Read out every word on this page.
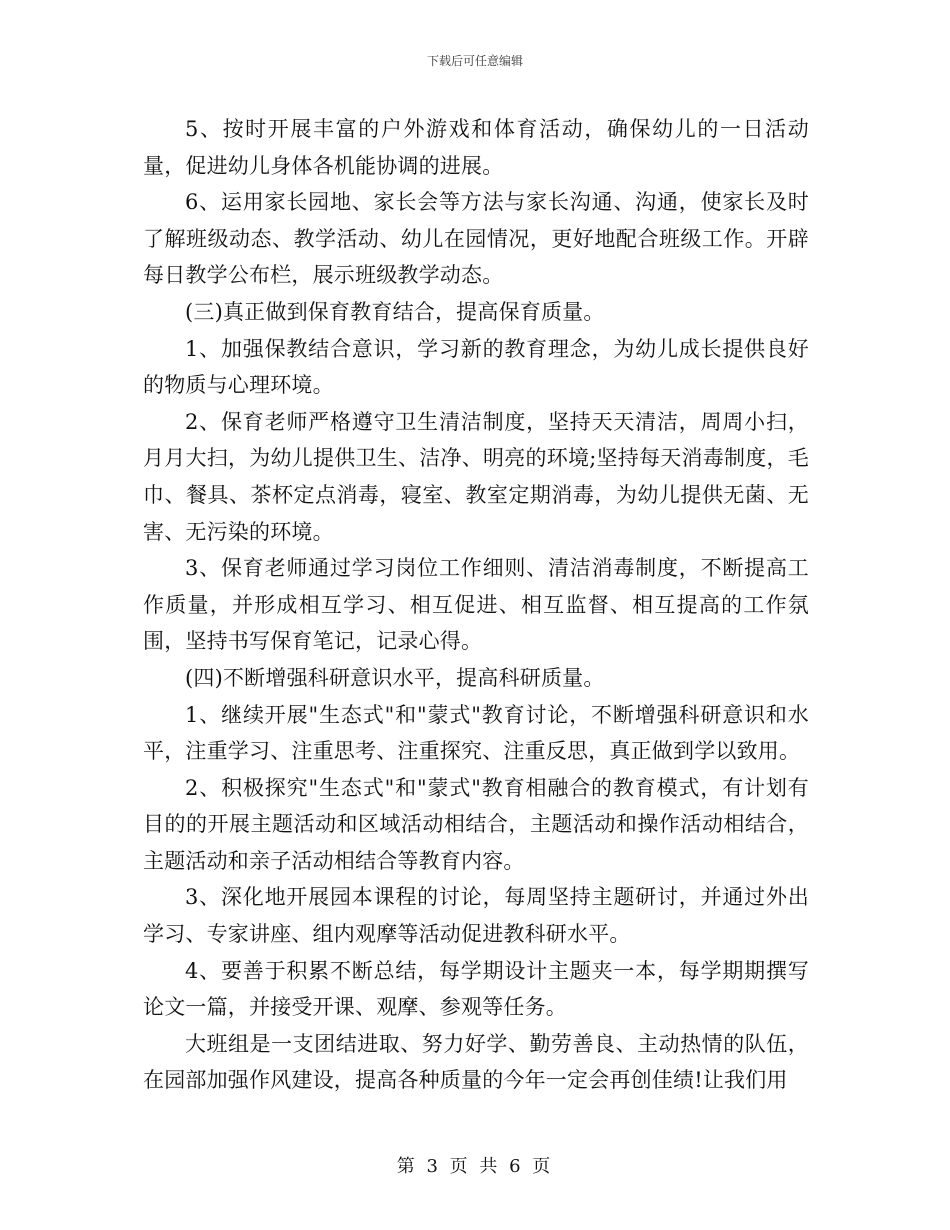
下载后可任意编辑

5、按时开展丰富的户外游戏和体育活动，确保幼儿的一日活动量，促进幼儿身体各机能协调的进展。

6、运用家长园地、家长会等方法与家长沟通、沟通，使家长及时了解班级动态、教学活动、幼儿在园情况，更好地配合班级工作。开辟每日教学公布栏，展示班级教学动态。

(三)真正做到保育教育结合，提高保育质量。

1、加强保教结合意识，学习新的教育理念，为幼儿成长提供良好的物质与心理环境。

2、保育老师严格遵守卫生清洁制度，坚持天天清洁，周周小扫，月月大扫，为幼儿提供卫生、洁净、明亮的环境;坚持每天消毒制度，毛巾、餐具、茶杯定点消毒，寝室、教室定期消毒，为幼儿提供无菌、无害、无污染的环境。

3、保育老师通过学习岗位工作细则、清洁消毒制度，不断提高工作质量，并形成相互学习、相互促进、相互监督、相互提高的工作氛围，坚持书写保育笔记，记录心得。

(四)不断增强科研意识水平，提高科研质量。

1、继续开展"生态式"和"蒙式"教育讨论，不断增强科研意识和水平，注重学习、注重思考、注重探究、注重反思，真正做到学以致用。

2、积极探究"生态式"和"蒙式"教育相融合的教育模式，有计划有目的的开展主题活动和区域活动相结合，主题活动和操作活动相结合，主题活动和亲子活动相结合等教育内容。

3、深化地开展园本课程的讨论，每周坚持主题研讨，并通过外出学习、专家讲座、组内观摩等活动促进教科研水平。

4、要善于积累不断总结，每学期设计主题夹一本，每学期期撰写论文一篇，并接受开课、观摩、参观等任务。

大班组是一支团结进取、努力好学、勤劳善良、主动热情的队伍，在园部加强作风建设，提高各种质量的今年一定会再创佳绩!让我们用

第 3 页 共 6 页
